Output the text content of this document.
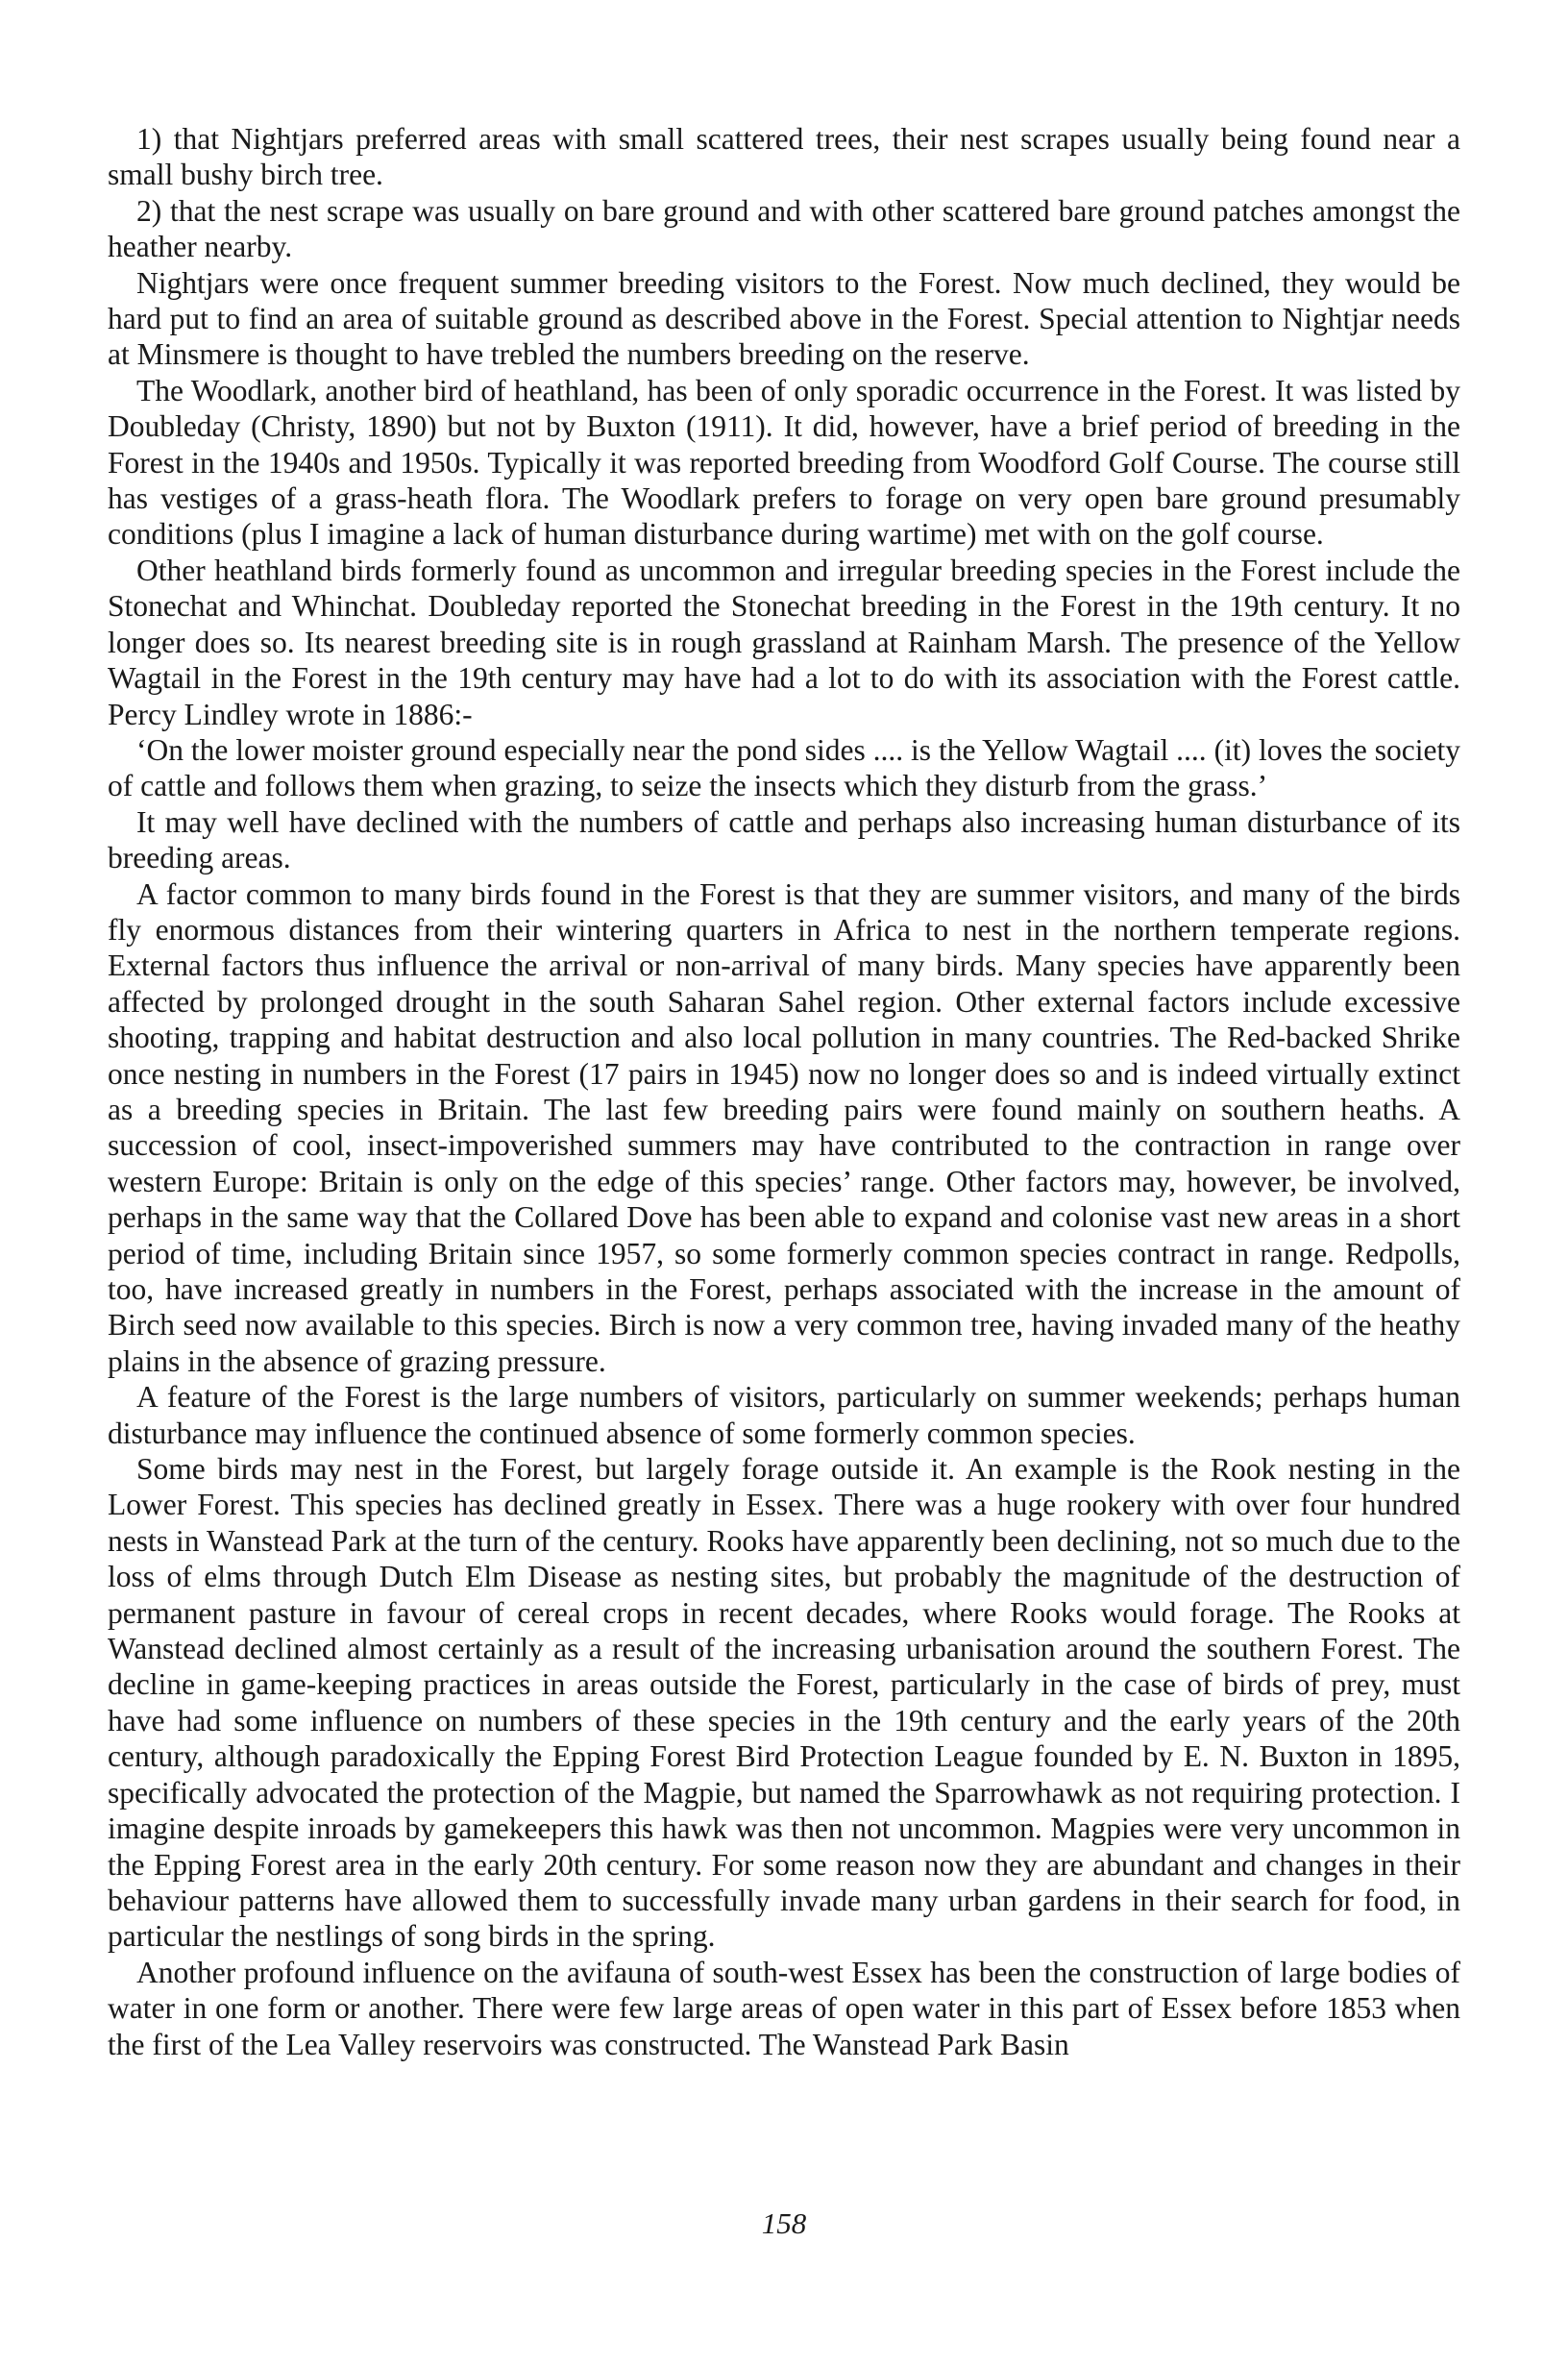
1) that Nightjars preferred areas with small scattered trees, their nest scrapes usually being found near a small bushy birch tree.

2) that the nest scrape was usually on bare ground and with other scattered bare ground patches amongst the heather nearby.

Nightjars were once frequent summer breeding visitors to the Forest. Now much declined, they would be hard put to find an area of suitable ground as described above in the Forest. Special attention to Nightjar needs at Minsmere is thought to have trebled the numbers breeding on the reserve.

The Woodlark, another bird of heathland, has been of only sporadic occurrence in the Forest. It was listed by Doubleday (Christy, 1890) but not by Buxton (1911). It did, however, have a brief period of breeding in the Forest in the 1940s and 1950s. Typically it was reported breeding from Woodford Golf Course. The course still has vestiges of a grass-heath flora. The Woodlark prefers to forage on very open bare ground presumably conditions (plus I imagine a lack of human disturbance during wartime) met with on the golf course.

Other heathland birds formerly found as uncommon and irregular breeding species in the Forest include the Stonechat and Whinchat. Doubleday reported the Stonechat breeding in the Forest in the 19th century. It no longer does so. Its nearest breeding site is in rough grassland at Rainham Marsh. The presence of the Yellow Wagtail in the Forest in the 19th century may have had a lot to do with its association with the Forest cattle. Percy Lindley wrote in 1886:-

‘On the lower moister ground especially near the pond sides .... is the Yellow Wagtail .... (it) loves the society of cattle and follows them when grazing, to seize the insects which they disturb from the grass.’

It may well have declined with the numbers of cattle and perhaps also increasing human disturbance of its breeding areas.

A factor common to many birds found in the Forest is that they are summer visitors, and many of the birds fly enormous distances from their wintering quarters in Africa to nest in the northern temperate regions. External factors thus influence the arrival or non-arrival of many birds. Many species have apparently been affected by prolonged drought in the south Saharan Sahel region. Other external factors include excessive shooting, trapping and habitat destruction and also local pollution in many countries. The Red-backed Shrike once nesting in numbers in the Forest (17 pairs in 1945) now no longer does so and is indeed virtually extinct as a breeding species in Britain. The last few breeding pairs were found mainly on southern heaths. A succession of cool, insect-impoverished summers may have contributed to the contraction in range over western Europe: Britain is only on the edge of this species’ range. Other factors may, however, be involved, perhaps in the same way that the Collared Dove has been able to expand and colonise vast new areas in a short period of time, including Britain since 1957, so some formerly common species contract in range. Redpolls, too, have increased greatly in numbers in the Forest, perhaps associated with the increase in the amount of Birch seed now available to this species. Birch is now a very common tree, having invaded many of the heathy plains in the absence of grazing pressure.

A feature of the Forest is the large numbers of visitors, particularly on summer weekends; perhaps human disturbance may influence the continued absence of some formerly common species.

Some birds may nest in the Forest, but largely forage outside it. An example is the Rook nesting in the Lower Forest. This species has declined greatly in Essex. There was a huge rookery with over four hundred nests in Wanstead Park at the turn of the century. Rooks have apparently been declining, not so much due to the loss of elms through Dutch Elm Disease as nesting sites, but probably the magnitude of the destruction of permanent pasture in favour of cereal crops in recent decades, where Rooks would forage. The Rooks at Wanstead declined almost certainly as a result of the increasing urbanisation around the southern Forest. The decline in game-keeping practices in areas outside the Forest, particularly in the case of birds of prey, must have had some influence on numbers of these species in the 19th century and the early years of the 20th century, although paradoxically the Epping Forest Bird Protection League founded by E. N. Buxton in 1895, specifically advocated the protection of the Magpie, but named the Sparrowhawk as not requiring protection. I imagine despite inroads by gamekeepers this hawk was then not uncommon. Magpies were very uncommon in the Epping Forest area in the early 20th century. For some reason now they are abundant and changes in their behaviour patterns have allowed them to successfully invade many urban gardens in their search for food, in particular the nestlings of song birds in the spring.

Another profound influence on the avifauna of south-west Essex has been the construction of large bodies of water in one form or another. There were few large areas of open water in this part of Essex before 1853 when the first of the Lea Valley reservoirs was constructed. The Wanstead Park Basin

158
